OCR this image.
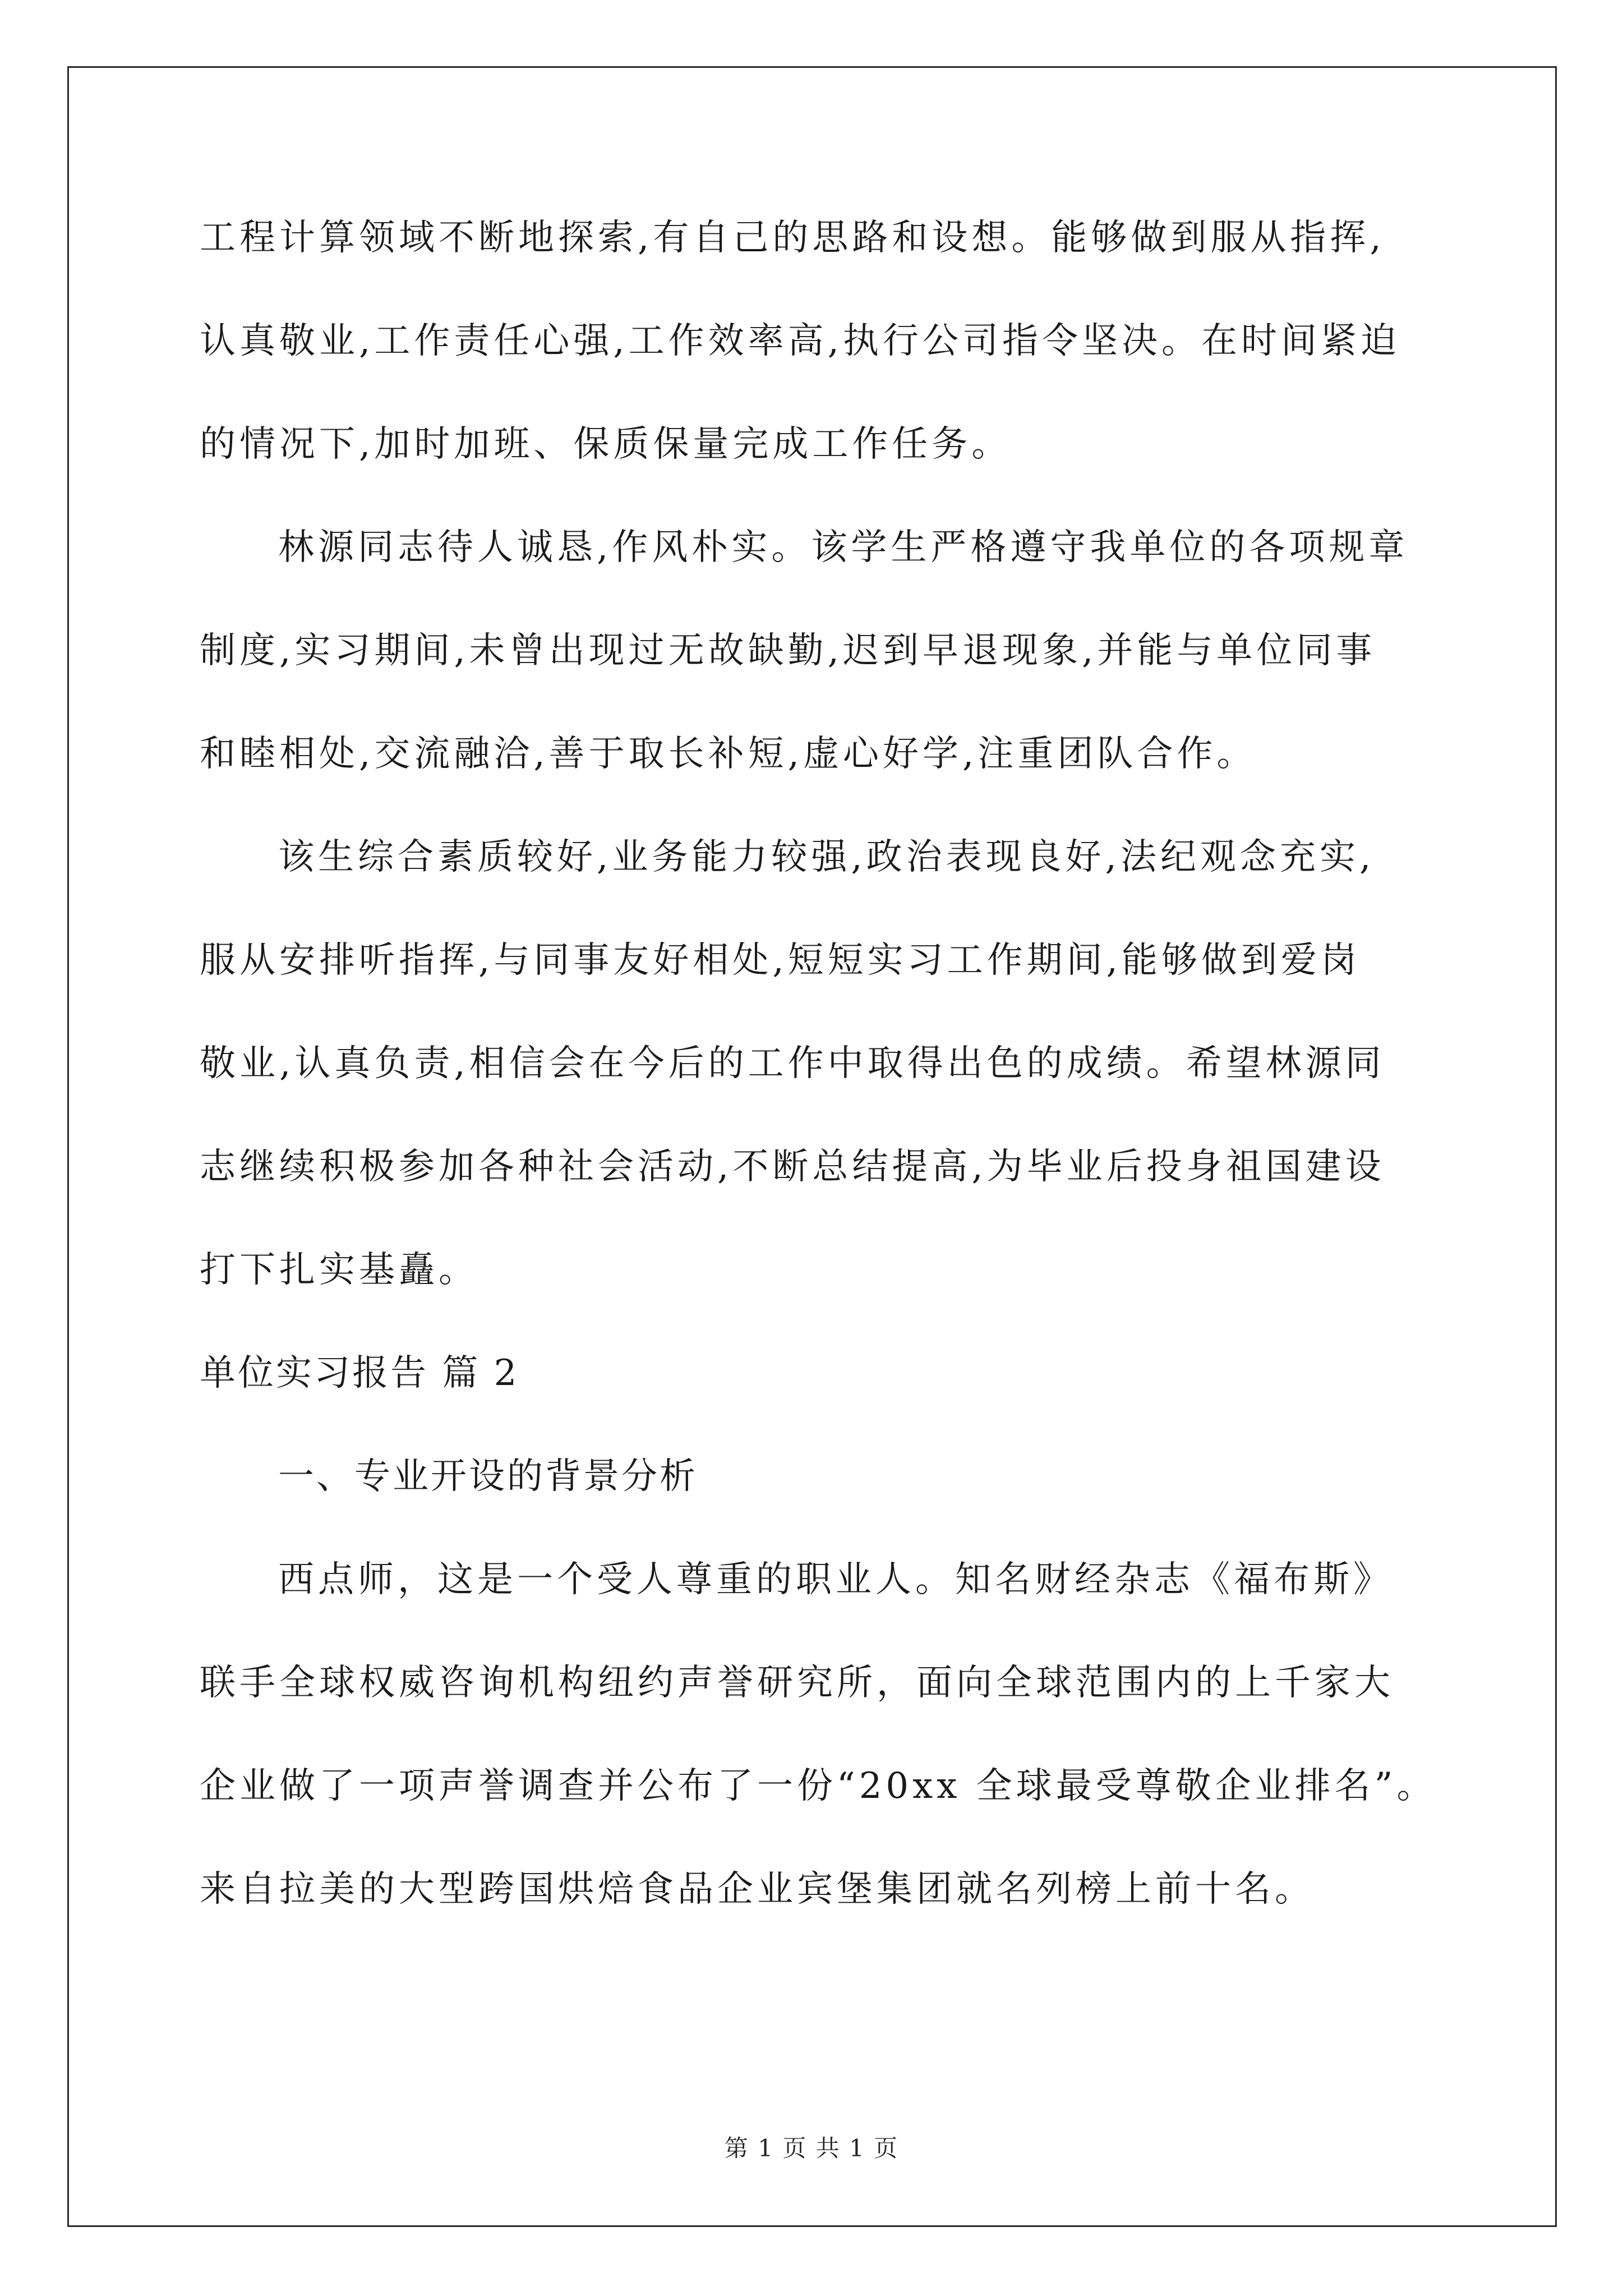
工程计算领域不断地探索,有自己的思路和设想。能够做到服从指挥,
认真敬业,工作责任心强,工作效率高,执行公司指令坚决。在时间紧迫
的情况下,加时加班、保质保量完成工作任务。
林源同志待人诚恳,作风朴实。该学生严格遵守我单位的各项规章
制度,实习期间,未曾出现过无故缺勤,迟到早退现象,并能与单位同事
和睦相处,交流融洽,善于取长补短,虚心好学,注重团队合作。
该生综合素质较好,业务能力较强,政治表现良好,法纪观念充实,
服从安排听指挥,与同事友好相处,短短实习工作期间,能够做到爱岗
敬业,认真负责,相信会在今后的工作中取得出色的成绩。希望林源同
志继续积极参加各种社会活动,不断总结提高,为毕业后投身祖国建设
打下扎实基矗。
单位实习报告 篇 2
一、专业开设的背景分析
西点师，这是一个受人尊重的职业人。知名财经杂志《福布斯》
联手全球权威咨询机构纽约声誉研究所，面向全球范围内的上千家大
企业做了一项声誉调查并公布了一份“20xx 全球最受尊敬企业排名”。
来自拉美的大型跨国烘焙食品企业宾堡集团就名列榜上前十名。
第 1 页 共 1 页
